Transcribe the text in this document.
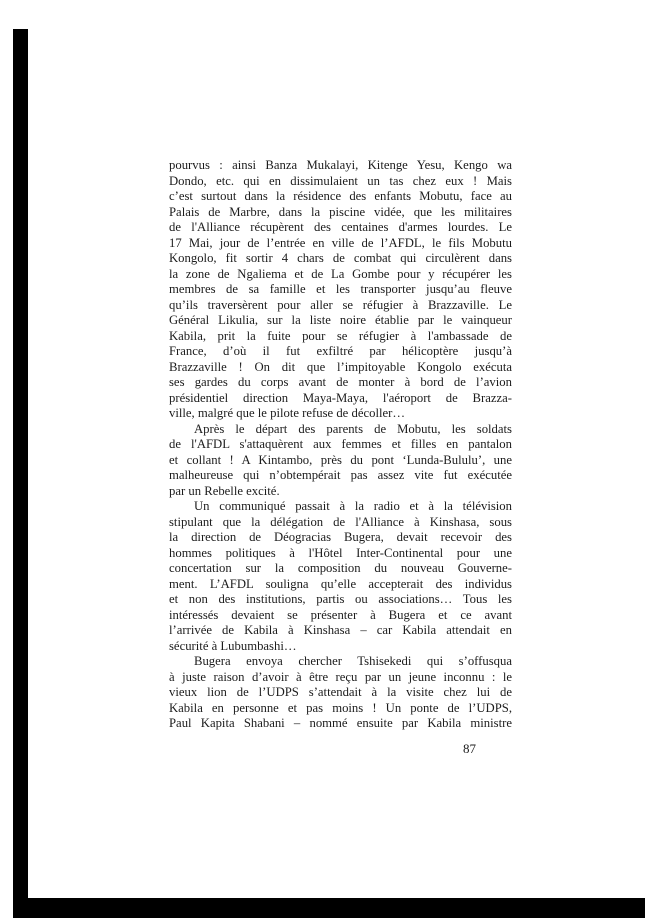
pourvus : ainsi Banza Mukalayi, Kitenge Yesu, Kengo wa
Dondo, etc. qui en dissimulaient un tas chez eux ! Mais
c’est surtout dans la résidence des enfants Mobutu, face au
Palais de Marbre, dans la piscine vidée, que les militaires
de l'Alliance récupèrent des centaines d'armes lourdes. Le
17 Mai, jour de l’entrée en ville de l’AFDL, le fils Mobutu
Kongolo, fit sortir 4 chars de combat qui circulèrent dans
la zone de Ngaliema et de La Gombe pour y récupérer les
membres de sa famille et les transporter jusqu’au fleuve
qu’ils traversèrent pour aller se réfugier à Brazzaville. Le
Général Likulia, sur la liste noire établie par le vainqueur
Kabila, prit la fuite pour se réfugier à l'ambassade de
France, d’où il fut exfiltré par hélicoptère jusqu’à
Brazzaville ! On dit que l’impitoyable Kongolo exécuta
ses gardes du corps avant de monter à bord de l’avion
présidentiel direction Maya-Maya, l'aéroport de Brazza-
ville, malgré que le pilote refuse de décoller…
Après le départ des parents de Mobutu, les soldats
de l'AFDL s'attaquèrent aux femmes et filles en pantalon
et collant ! A Kintambo, près du pont ‘Lunda-Bululu’, une
malheureuse qui n’obtempérait pas assez vite fut exécutée
par un Rebelle excité.
Un communiqué passait à la radio et à la télévision
stipulant que la délégation de l'Alliance à Kinshasa, sous
la direction de Déogracias Bugera, devait recevoir des
hommes politiques à l'Hôtel Inter-Continental pour une
concertation sur la composition du nouveau Gouverne-
ment. L’AFDL souligna qu’elle accepterait des individus
et non des institutions, partis ou associations… Tous les
intéressés devaient se présenter à Bugera et ce avant
l’arrivée de Kabila à Kinshasa – car Kabila attendait en
sécurité à Lubumbashi…
Bugera envoya chercher Tshisekedi qui s’offusqua
à juste raison d’avoir à être reçu par un jeune inconnu : le
vieux lion de l’UDPS s’attendait à la visite chez lui de
Kabila en personne et pas moins ! Un ponte de l’UDPS,
Paul Kapita Shabani – nommé ensuite par Kabila ministre
87
